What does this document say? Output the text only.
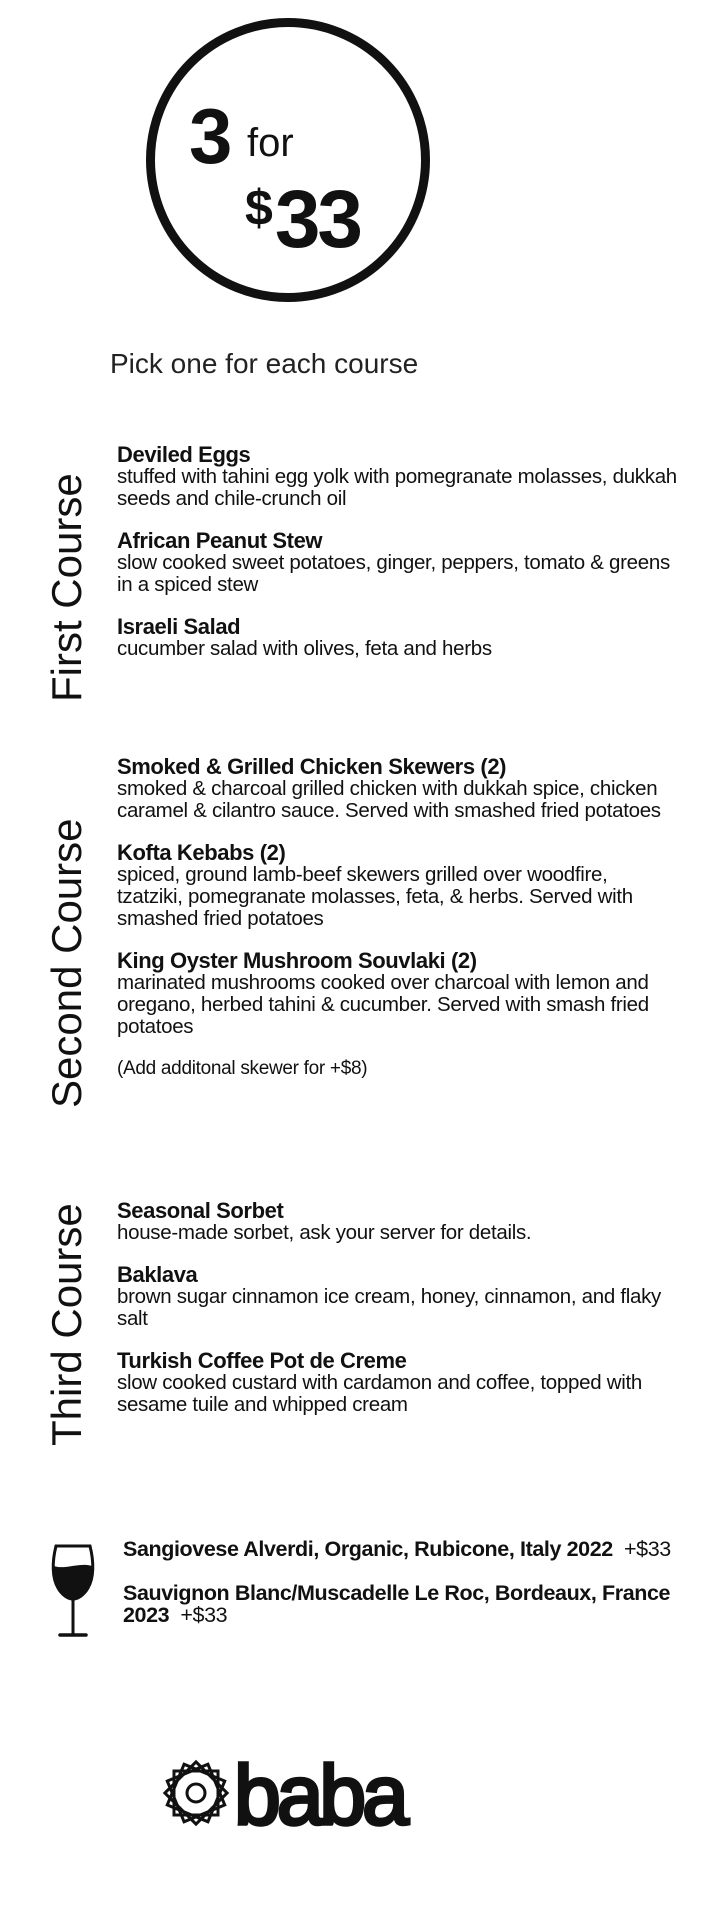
3 for
$33
Pick one for each course
First Course
Deviled Eggs
stuffed with tahini egg yolk with pomegranate molasses, dukkah seeds and chile-crunch oil
African Peanut Stew
slow cooked sweet potatoes, ginger, peppers, tomato & greens in a spiced stew
Israeli Salad
cucumber salad with olives, feta and herbs
Second Course
Smoked & Grilled Chicken Skewers (2)
smoked & charcoal grilled chicken with dukkah spice, chicken caramel & cilantro sauce. Served with smashed fried potatoes
Kofta Kebabs (2)
spiced, ground lamb-beef skewers grilled over woodfire, tzatziki, pomegranate molasses, feta, & herbs. Served with smashed fried potatoes
King Oyster Mushroom Souvlaki (2)
marinated mushrooms cooked over charcoal with lemon and oregano, herbed tahini & cucumber. Served with smash fried potatoes
(Add additonal skewer for +$8)
Third Course Seasonal Sorbet
house-made sorbet, ask your server for details.
Baklava
brown sugar cinnamon ice cream, honey, cinnamon, and flaky salt
Turkish Coffee Pot de Creme
slow cooked custard with cardamon and coffee, topped with sesame tuile and whipped cream
Sangiovese Alverdi, Organic, Rubicone, Italy 2022 +$33
Sauvignon Blanc/Muscadelle Le Roc, Bordeaux, France 2023 +$33
baba
